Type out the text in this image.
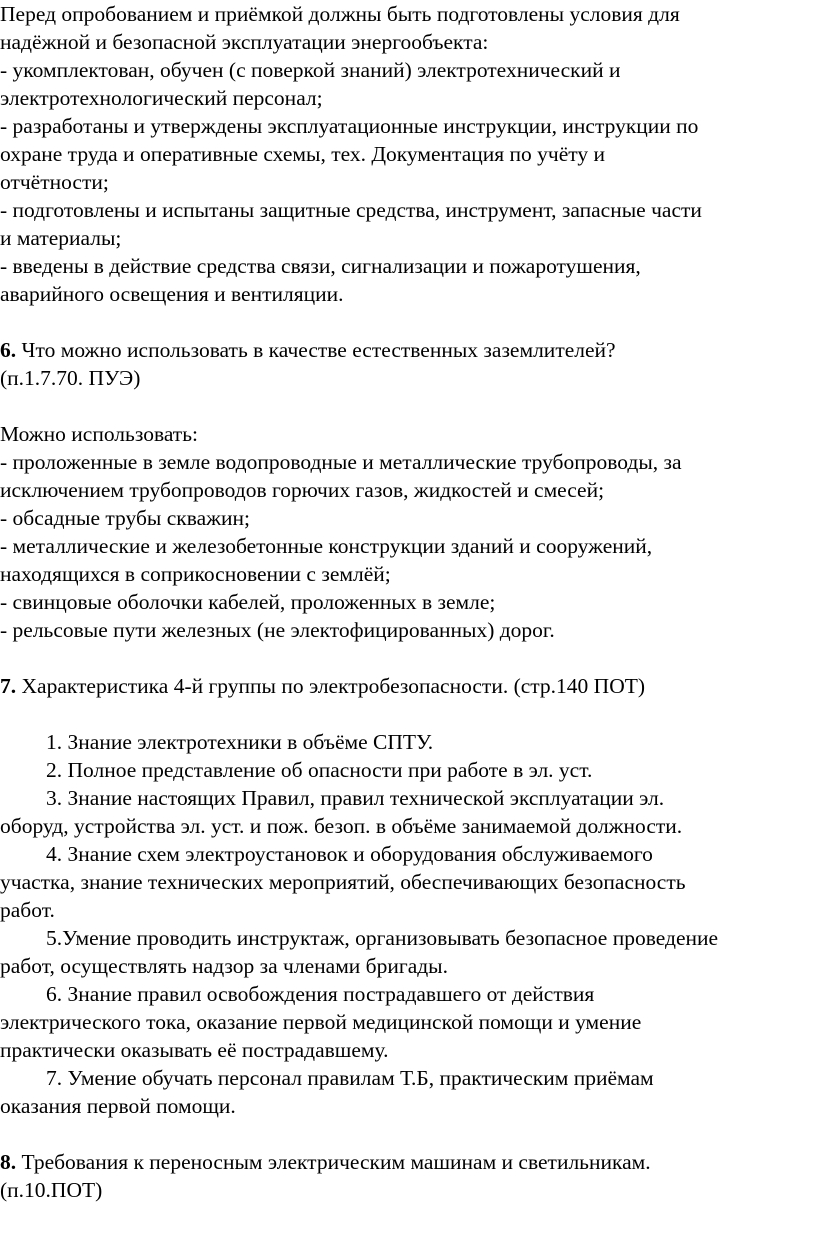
Перед опробованием и приёмкой должны быть подготовлены условия для
надёжной и безопасной эксплуатации энергообъекта:
- укомплектован, обучен (с поверкой знаний) электротехнический и
электротехнологический персонал;
- разработаны и утверждены эксплуатационные инструкции, инструкции по
охране труда и оперативные схемы, тех. Документация по учёту и
отчётности;
- подготовлены и испытаны защитные средства, инструмент, запасные части
и материалы;
- введены в действие средства связи, сигнализации и пожаротушения,
аварийного освещения и вентиляции.

6. Что можно использовать в качестве естественных заземлителей?
(п.1.7.70. ПУЭ)

Можно использовать:
- проложенные в земле водопроводные и металлические трубопроводы, за
исключением трубопроводов горючих газов, жидкостей и смесей;
- обсадные трубы скважин;
- металлические и железобетонные конструкции зданий и сооружений,
находящихся в соприкосновении с землёй;
- свинцовые оболочки кабелей, проложенных в земле;
- рельсовые пути железных (не электофицированных) дорог.

7. Характеристика 4-й группы по электробезопасности. (стр.140 ПОТ)

1. Знание электротехники в объёме СПТУ.

2. Полное представление об опасности при работе в эл. уст.

3. Знание настоящих Правил, правил технической эксплуатации эл.
оборуд, устройства эл. уст. и пож. безоп. в объёме занимаемой должности.

4. Знание схем электроустановок и оборудования обслуживаемого
участка, знание технических мероприятий, обеспечивающих безопасность
работ.

5.Умение проводить инструктаж, организовывать безопасное проведение
работ, осуществлять надзор за членами бригады.

6. Знание правил освобождения пострадавшего от действия
электрического тока, оказание первой медицинской помощи и умение
практически оказывать её пострадавшему.

7. Умение обучать персонал правилам Т.Б, практическим приёмам
оказания первой помощи.

8. Требования к переносным электрическим машинам и светильникам.
(п.10.ПОТ)
